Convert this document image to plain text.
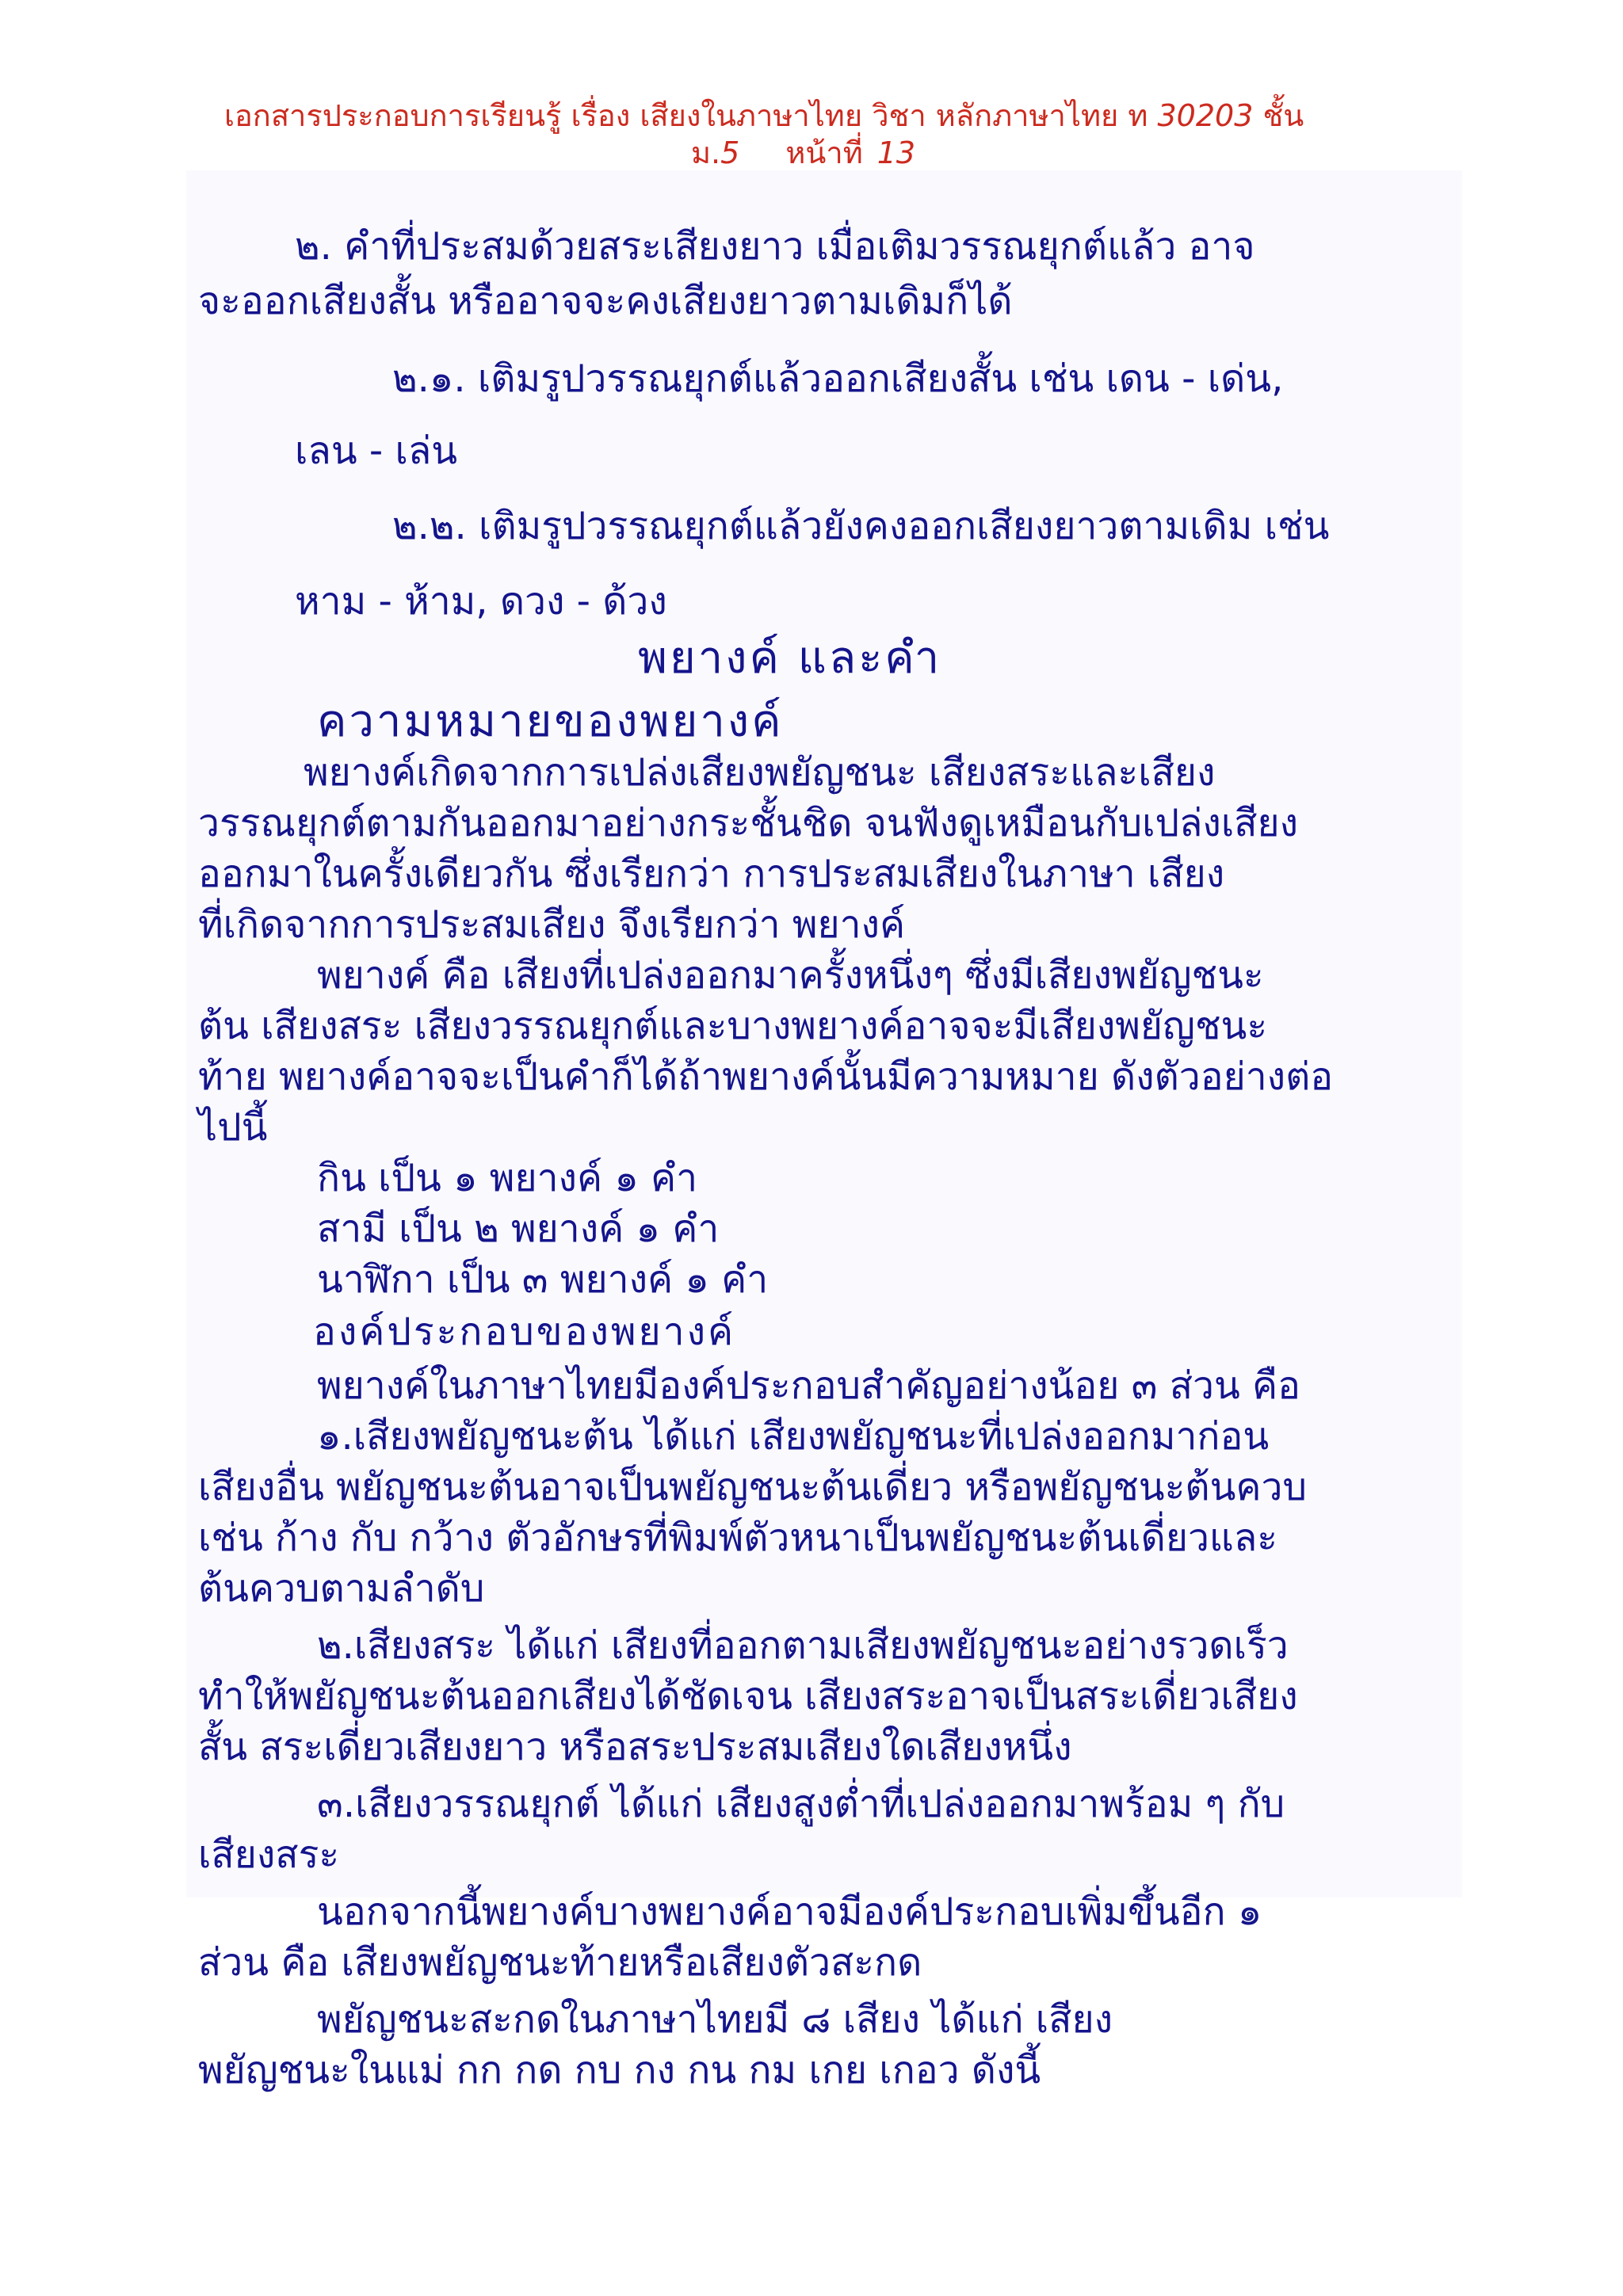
เอกสารประกอบการเรียนรู้ เรื่อง เสียงในภาษาไทย วิชา หลักภาษาไทย ท 30203 ชั้น
ม.5 หน้าที่ 13
๒. คำที่ประสมด้วยสระเสียงยาว เมื่อเติมวรรณยุกต์แล้ว อาจ
จะออกเสียงสั้น หรืออาจจะคงเสียงยาวตามเดิมก็ได้
๒.๑. เติมรูปวรรณยุกต์แล้วออกเสียงสั้น เช่น เดน - เด่น,
เลน - เล่น
๒.๒. เติมรูปวรรณยุกต์แล้วยังคงออกเสียงยาวตามเดิม เช่น
หาม - ห้าม, ดวง - ด้วง
พยางค์ และคำ
ความหมายของพยางค์
พยางค์เกิดจากการเปล่งเสียงพยัญชนะ เสียงสระและเสียง
วรรณยุกต์ตามกันออกมาอย่างกระชั้นชิด จนฟังดูเหมือนกับเปล่งเสียง
ออกมาในครั้งเดียวกัน ซึ่งเรียกว่า การประสมเสียงในภาษา เสียง
ที่เกิดจากการประสมเสียง จึงเรียกว่า พยางค์
พยางค์ คือ เสียงที่เปล่งออกมาครั้งหนึ่งๆ ซึ่งมีเสียงพยัญชนะ
ต้น เสียงสระ เสียงวรรณยุกต์และบางพยางค์อาจจะมีเสียงพยัญชนะ
ท้าย พยางค์อาจจะเป็นคำก็ได้ถ้าพยางค์นั้นมีความหมาย ดังตัวอย่างต่อ
ไปนี้
กิน เป็น ๑ พยางค์ ๑ คำ
สามี เป็น ๒ พยางค์ ๑ คำ
นาฬิกา เป็น ๓ พยางค์ ๑ คำ
องค์ประกอบของพยางค์
พยางค์ในภาษาไทยมีองค์ประกอบสำคัญอย่างน้อย ๓ ส่วน คือ
๑.เสียงพยัญชนะต้น ได้แก่ เสียงพยัญชนะที่เปล่งออกมาก่อน
เสียงอื่น พยัญชนะต้นอาจเป็นพยัญชนะต้นเดี่ยว หรือพยัญชนะต้นควบ
เช่น ก้าง กับ กว้าง ตัวอักษรที่พิมพ์ตัวหนาเป็นพยัญชนะต้นเดี่ยวและ
ต้นควบตามลำดับ
๒.เสียงสระ ได้แก่ เสียงที่ออกตามเสียงพยัญชนะอย่างรวดเร็ว
ทำให้พยัญชนะต้นออกเสียงได้ชัดเจน เสียงสระอาจเป็นสระเดี่ยวเสียง
สั้น สระเดี่ยวเสียงยาว หรือสระประสมเสียงใดเสียงหนึ่ง
๓.เสียงวรรณยุกต์ ได้แก่ เสียงสูงต่ำที่เปล่งออกมาพร้อม ๆ กับ
เสียงสระ
นอกจากนี้พยางค์บางพยางค์อาจมีองค์ประกอบเพิ่มขึ้นอีก ๑
ส่วน คือ เสียงพยัญชนะท้ายหรือเสียงตัวสะกด
พยัญชนะสะกดในภาษาไทยมี ๘ เสียง ได้แก่ เสียง
พยัญชนะในแม่ กก กด กบ กง กน กม เกย เกอว ดังนี้
